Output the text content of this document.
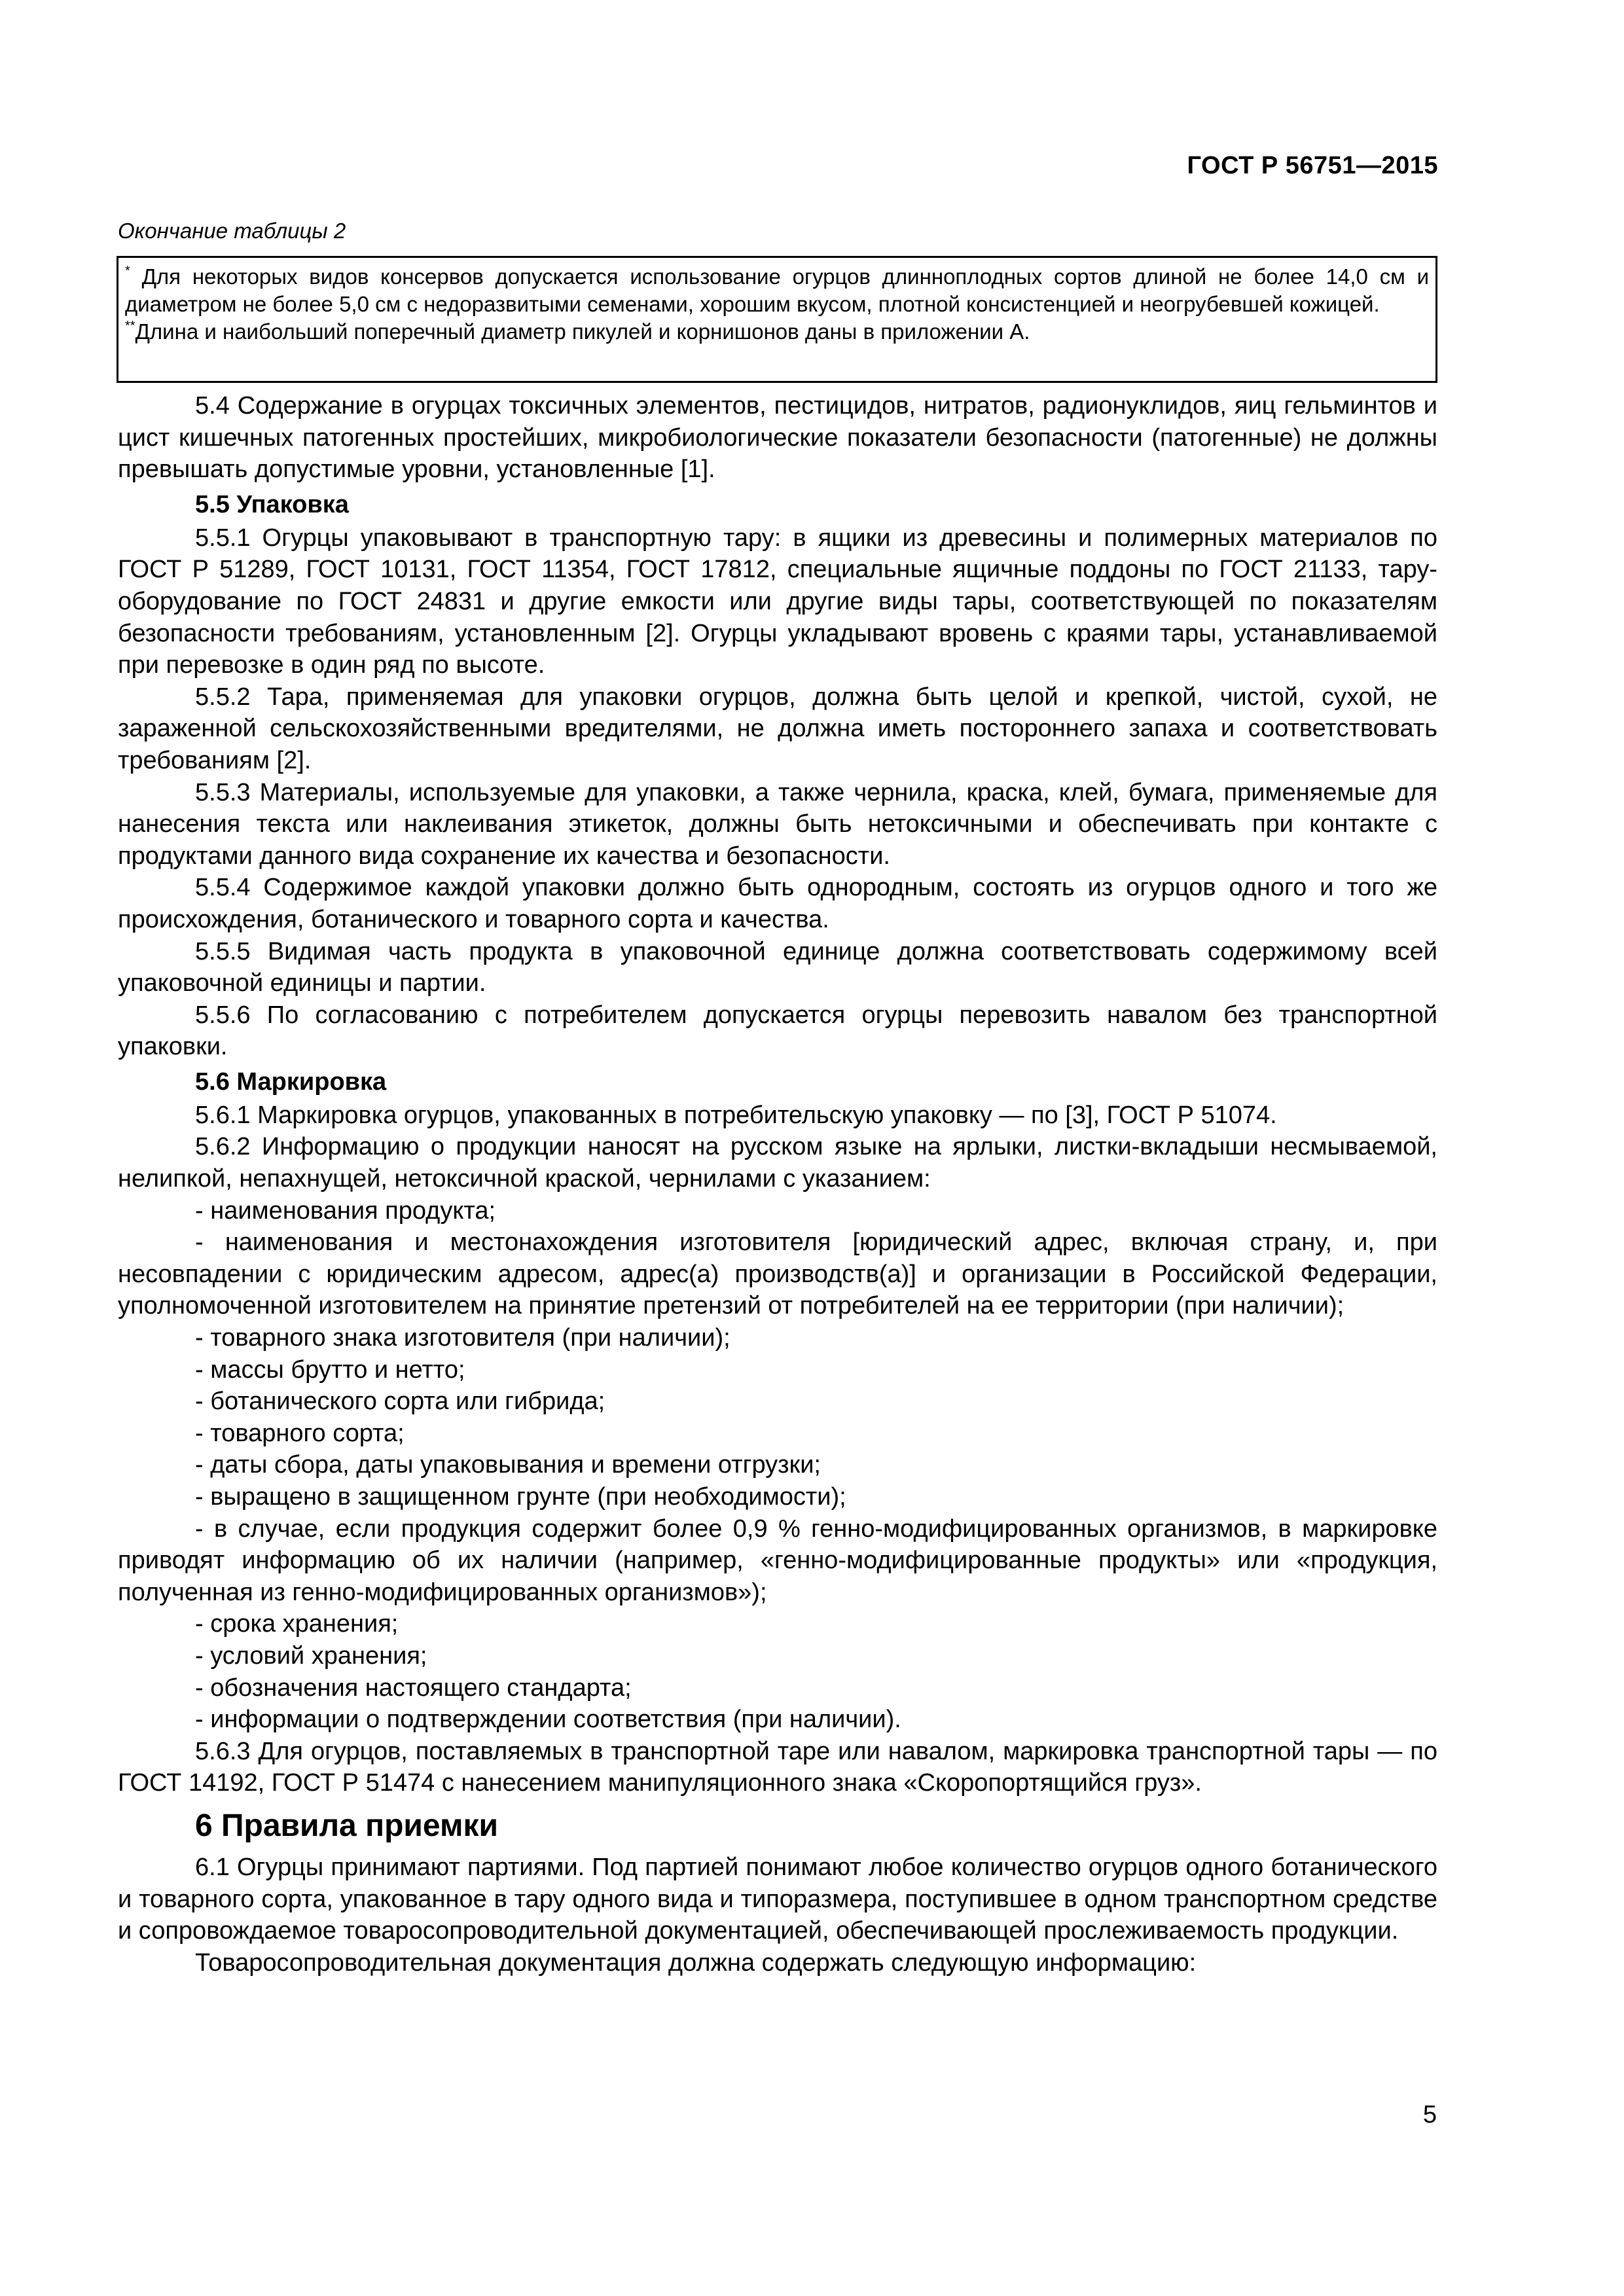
ГОСТ Р 56751—2015
Окончание таблицы 2

* Для некоторых видов консервов допускается использование огурцов длинноплодных сортов длиной не более 14,0 см и диаметром не более 5,0 см с недоразвитыми семенами, хорошим вкусом, плотной консистенцией и неогрубевшей кожицей.

**Длина и наибольший поперечный диаметр пикулей и корнишонов даны в приложении А.

5.4 Содержание в огурцах токсичных элементов, пестицидов, нитратов, радионуклидов, яиц гельминтов и цист кишечных патогенных простейших, микробиологические показатели безопасности (патогенные) не должны превышать допустимые уровни, установленные [1].

5.5 Упаковка

5.5.1 Огурцы упаковывают в транспортную тару: в ящики из древесины и полимерных материалов по ГОСТ Р 51289, ГОСТ 10131, ГОСТ 11354, ГОСТ 17812, специальные ящичные поддоны по ГОСТ 21133, тару-оборудование по ГОСТ 24831 и другие емкости или другие виды тары, соответствующей по показателям безопасности требованиям, установленным [2]. Огурцы укладывают вровень с краями тары, устанавливаемой при перевозке в один ряд по высоте.

5.5.2 Тара, применяемая для упаковки огурцов, должна быть целой и крепкой, чистой, сухой, не зараженной сельскохозяйственными вредителями, не должна иметь постороннего запаха и соответствовать требованиям [2].

5.5.3 Материалы, используемые для упаковки, а также чернила, краска, клей, бумага, применяемые для нанесения текста или наклеивания этикеток, должны быть нетоксичными и обеспечивать при контакте с продуктами данного вида сохранение их качества и безопасности.

5.5.4 Содержимое каждой упаковки должно быть однородным, состоять из огурцов одного и того же происхождения, ботанического и товарного сорта и качества.

5.5.5 Видимая часть продукта в упаковочной единице должна соответствовать содержимому всей упаковочной единицы и партии.

5.5.6 По согласованию с потребителем допускается огурцы перевозить навалом без транспортной упаковки.

5.6 Маркировка

5.6.1 Маркировка огурцов, упакованных в потребительскую упаковку — по [3], ГОСТ Р 51074.

5.6.2 Информацию о продукции наносят на русском языке на ярлыки, листки-вкладыши несмываемой, нелипкой, непахнущей, нетоксичной краской, чернилами с указанием:

- наименования продукта;

- наименования и местонахождения изготовителя [юридический адрес, включая страну, и, при несовпадении с юридическим адресом, адрес(а) производств(а)] и организации в Российской Федерации, уполномоченной изготовителем на принятие претензий от потребителей на ее территории (при наличии);

- товарного знака изготовителя (при наличии);

- массы брутто и нетто;

- ботанического сорта или гибрида;

- товарного сорта;

- даты сбора, даты упаковывания и времени отгрузки;

- выращено в защищенном грунте (при необходимости);

- в случае, если продукция содержит более 0,9 % генно-модифицированных организмов, в маркировке приводят информацию об их наличии (например, «генно-модифицированные продукты» или «продукция, полученная из генно-модифицированных организмов»);

- срока хранения;

- условий хранения;

- обозначения настоящего стандарта;

- информации о подтверждении соответствия (при наличии).

5.6.3 Для огурцов, поставляемых в транспортной таре или навалом, маркировка транспортной тары — по ГОСТ 14192, ГОСТ Р 51474 с нанесением манипуляционного знака «Скоропортящийся груз».

6 Правила приемки

6.1 Огурцы принимают партиями. Под партией понимают любое количество огурцов одного ботанического и товарного сорта, упакованное в тару одного вида и типоразмера, поступившее в одном транспортном средстве и сопровождаемое товаросопроводительной документацией, обеспечивающей прослеживаемость продукции.

Товаросопроводительная документация должна содержать следующую информацию:

5
